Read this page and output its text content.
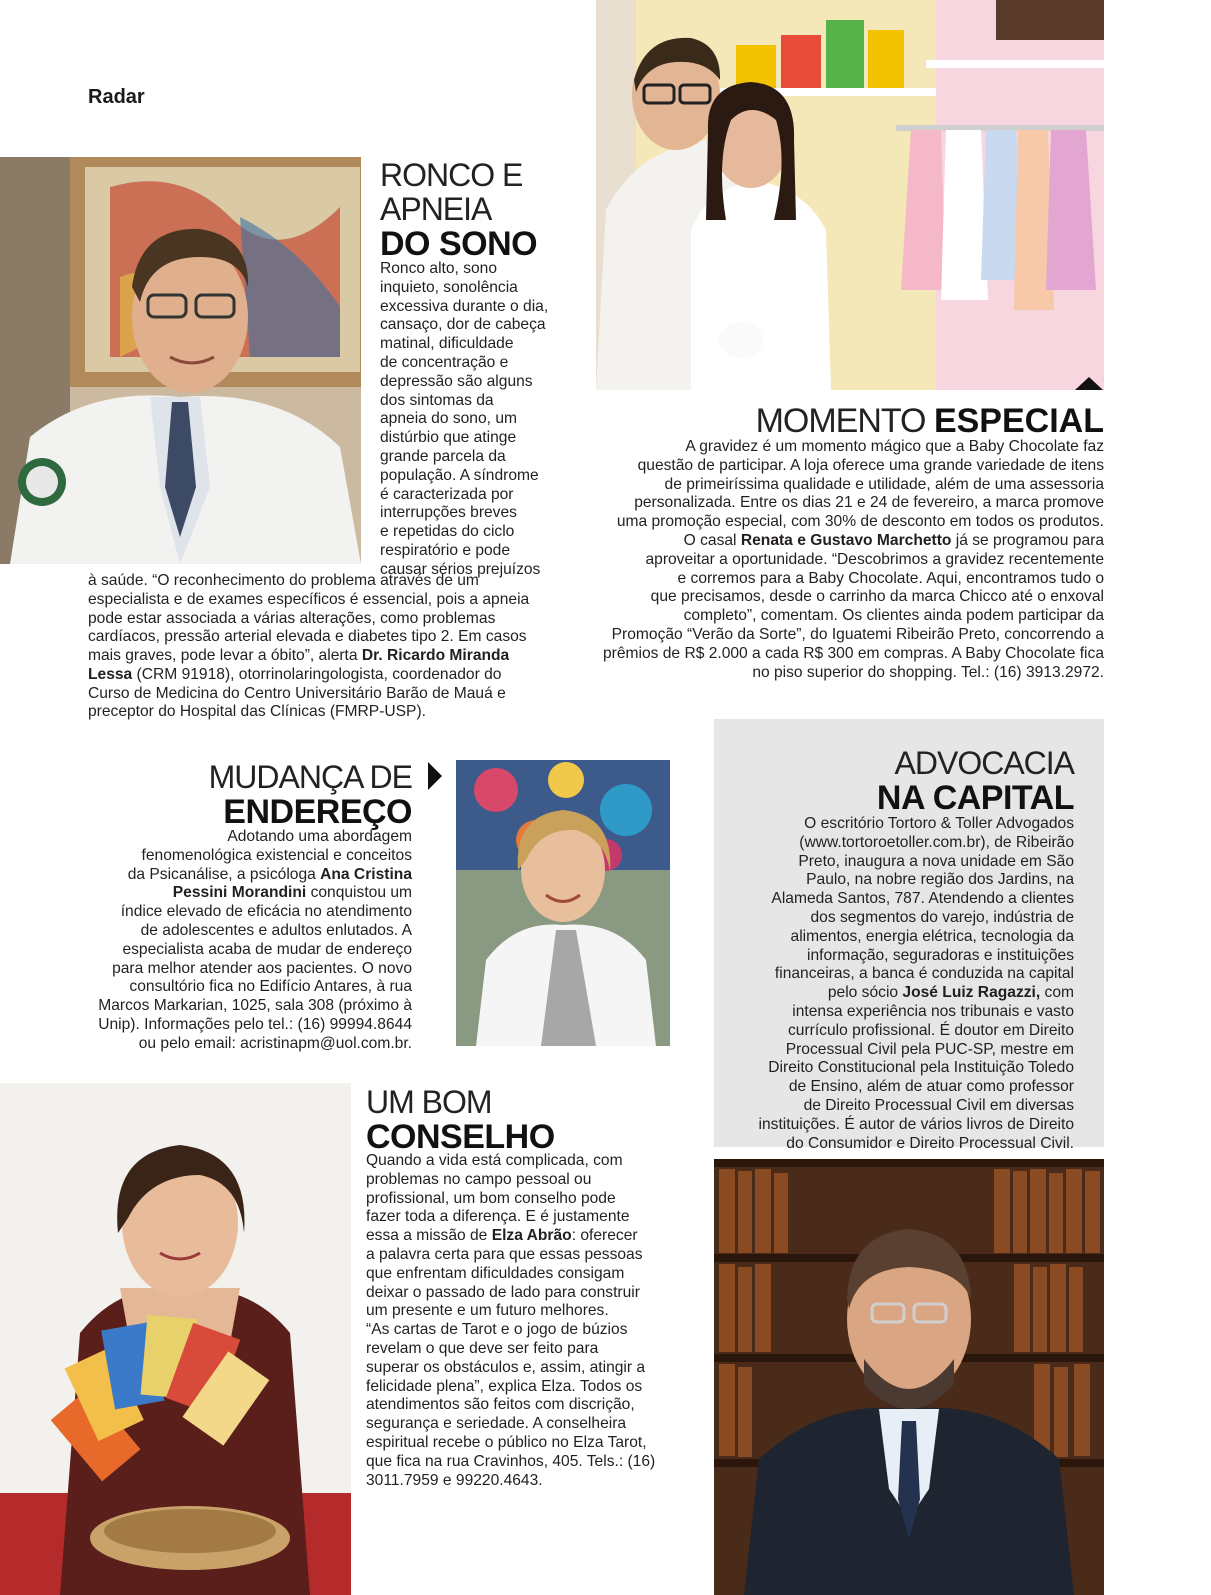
Radar
RONCO E
APNEIA
DO SONO
Ronco alto, sono
inquieto, sonolência
excessiva durante o dia,
cansaço, dor de cabeça
matinal, dificuldade
de concentração e
depressão são alguns
dos sintomas da
apneia do sono, um
distúrbio que atinge
grande parcela da
população. A síndrome
é caracterizada por
interrupções breves
e repetidas do ciclo
respiratório e pode
causar sérios prejuízos
à saúde. “O reconhecimento do problema através de um
especialista e de exames específicos é essencial, pois a apneia
pode estar associada a várias alterações, como problemas
cardíacos, pressão arterial elevada e diabetes tipo 2. Em casos
mais graves, pode levar a óbito”, alerta Dr. Ricardo Miranda
Lessa (CRM 91918), otorrinolaringologista, coordenador do
Curso de Medicina do Centro Universitário Barão de Mauá e
preceptor do Hospital das Clínicas (FMRP-USP).
MOMENTO ESPECIAL
A gravidez é um momento mágico que a Baby Chocolate faz
questão de participar. A loja oferece uma grande variedade de itens
de primeiríssima qualidade e utilidade, além de uma assessoria
personalizada. Entre os dias 21 e 24 de fevereiro, a marca promove
uma promoção especial, com 30% de desconto em todos os produtos.
O casal Renata e Gustavo Marchetto já se programou para
aproveitar a oportunidade. “Descobrimos a gravidez recentemente
e corremos para a Baby Chocolate. Aqui, encontramos tudo o
que precisamos, desde o carrinho da marca Chicco até o enxoval
completo”, comentam. Os clientes ainda podem participar da
Promoção “Verão da Sorte”, do Iguatemi Ribeirão Preto, concorrendo a
prêmios de R$ 2.000 a cada R$ 300 em compras. A Baby Chocolate fica
no piso superior do shopping. Tel.: (16) 3913.2972.
MUDANÇA DE
ENDEREÇO
Adotando uma abordagem
fenomenológica existencial e conceitos
da Psicanálise, a psicóloga Ana Cristina
Pessini Morandini conquistou um
índice elevado de eficácia no atendimento
de adolescentes e adultos enlutados. A
especialista acaba de mudar de endereço
para melhor atender aos pacientes. O novo
consultório fica no Edifício Antares, à rua
Marcos Markarian, 1025, sala 308 (próximo à
Unip). Informações pelo tel.: (16) 99994.8644
ou pelo email: acristinapm@uol.com.br.
ADVOCACIA
NA CAPITAL
O escritório Tortoro & Toller Advogados
(www.tortoroetoller.com.br), de Ribeirão
Preto, inaugura a nova unidade em São
Paulo, na nobre região dos Jardins, na
Alameda Santos, 787. Atendendo a clientes
dos segmentos do varejo, indústria de
alimentos, energia elétrica, tecnologia da
informação, seguradoras e instituições
financeiras, a banca é conduzida na capital
pelo sócio José Luiz Ragazzi, com
intensa experiência nos tribunais e vasto
currículo profissional. É doutor em Direito
Processual Civil pela PUC-SP, mestre em
Direito Constitucional pela Instituição Toledo
de Ensino, além de atuar como professor
de Direito Processual Civil em diversas
instituições. É autor de vários livros de Direito
do Consumidor e Direito Processual Civil.
UM BOM
CONSELHO
Quando a vida está complicada, com
problemas no campo pessoal ou
profissional, um bom conselho pode
fazer toda a diferença. E é justamente
essa a missão de Elza Abrão: oferecer
a palavra certa para que essas pessoas
que enfrentam dificuldades consigam
deixar o passado de lado para construir
um presente e um futuro melhores.
“As cartas de Tarot e o jogo de búzios
revelam o que deve ser feito para
superar os obstáculos e, assim, atingir a
felicidade plena”, explica Elza. Todos os
atendimentos são feitos com discrição,
segurança e seriedade. A conselheira
espiritual recebe o público no Elza Tarot,
que fica na rua Cravinhos, 405. Tels.: (16)
3011.7959 e 99220.4643.
